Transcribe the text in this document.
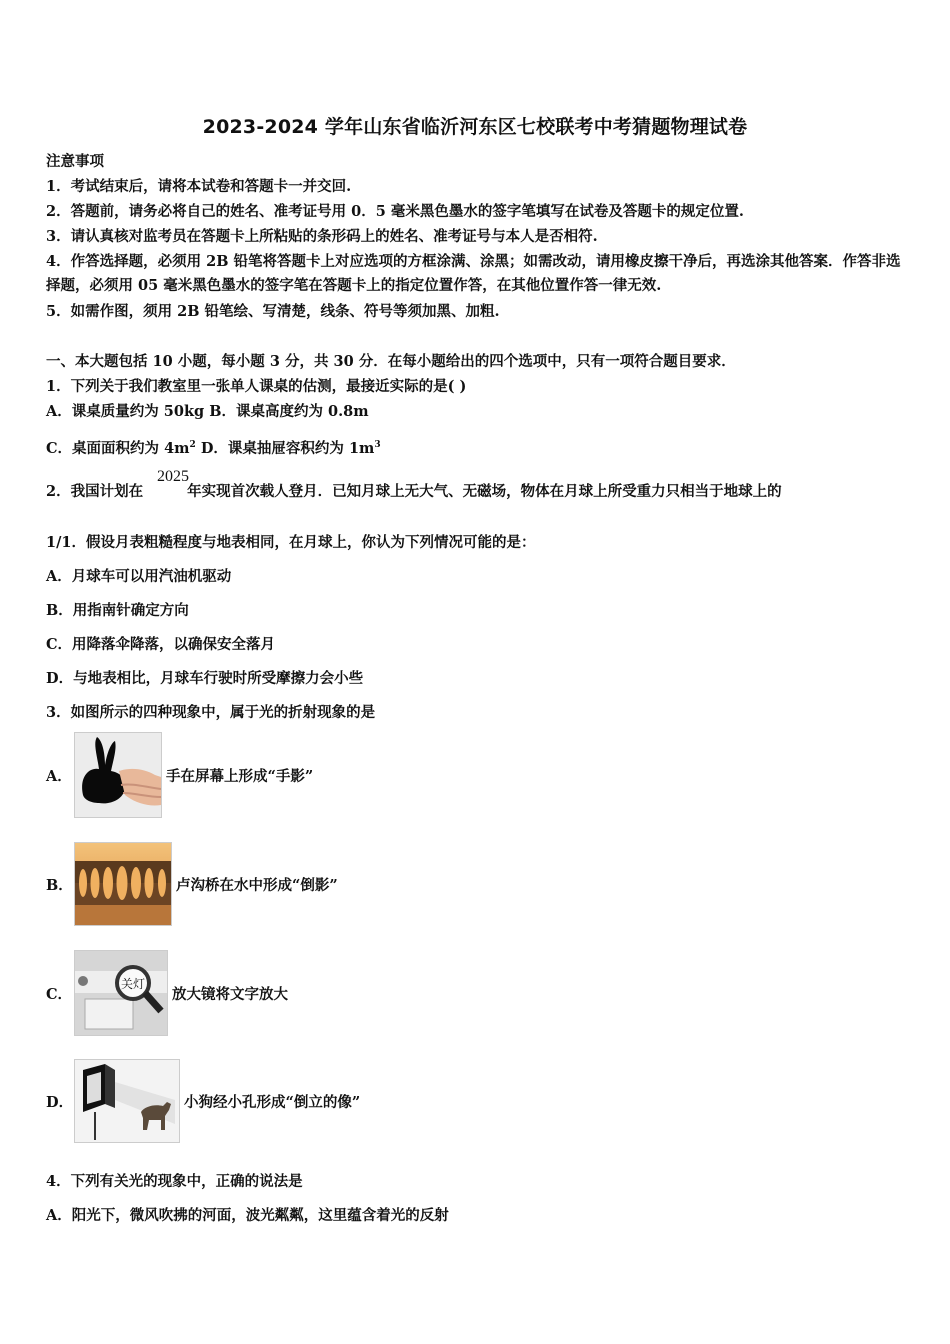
2023-2024 学年山东省临沂河东区七校联考中考猜题物理试卷
注意事项
1．考试结束后，请将本试卷和答题卡一并交回.
2．答题前，请务必将自己的姓名、准考证号用 0．5 毫米黑色墨水的签字笔填写在试卷及答题卡的规定位置.
3．请认真核对监考员在答题卡上所粘贴的条形码上的姓名、准考证号与本人是否相符.
4．作答选择题，必须用 2B 铅笔将答题卡上对应选项的方框涂满、涂黑；如需改动，请用橡皮擦干净后，再选涂其他答案．作答非选择题，必须用 05 毫米黑色墨水的签字笔在答题卡上的指定位置作答，在其他位置作答一律无效.
5．如需作图，须用 2B 铅笔绘、写清楚，线条、符号等须加黑、加粗.
一、本大题包括 10 小题，每小题 3 分，共 30 分．在每小题给出的四个选项中，只有一项符合题目要求．
1．下列关于我们教室里一张单人课桌的估测，最接近实际的是( )
A．课桌质量约为 50kg B．课桌高度约为 0.8m
C．桌面面积约为 $4m^2$ D．课桌抽屉容积约为 $1m^3$
2．我国计划在	年实现首次载人登月．已知月球上无大气、无磁场，物体在月球上所受重力只相当于地球上的
2025
1/1．假设月表粗糙程度与地表相同，在月球上，你认为下列情况可能的是：
A．月球车可以用汽油机驱动
B．用指南针确定方向
C．用降落伞降落，以确保安全落月
D．与地表相比，月球车行驶时所受摩擦力会小些
3．如图所示的四种现象中，属于光的折射现象的是
A．	手在屏幕上形成“手影”
B．	卢沟桥在水中形成“倒影”
C．
关灯
放大镜将文字放大
D．	小狗经小孔形成“倒立的像”
4．下列有关光的现象中，正确的说法是
A．阳光下，微风吹拂的河面，波光粼粼，这里蕴含着光的反射
